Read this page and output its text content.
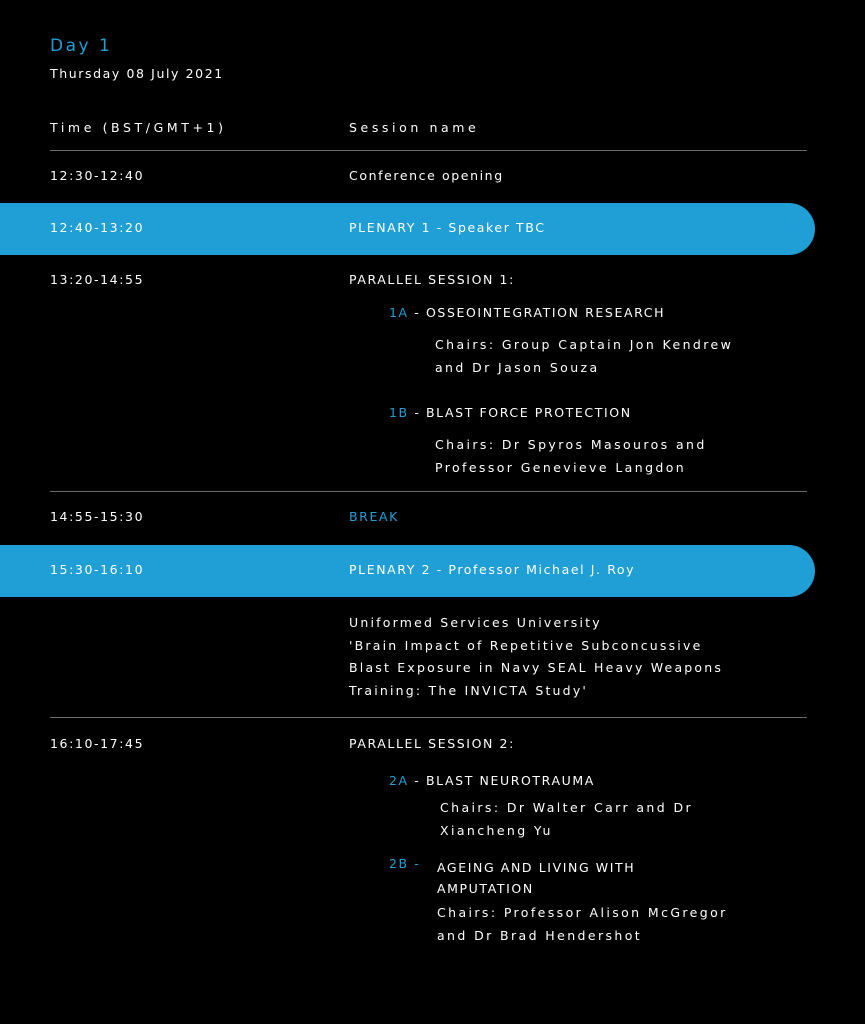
Day 1
Thursday 08 July 2021
Time (BST/GMT+1)	Session name
12:30-12:40	Conference opening
12:40-13:20	PLENARY 1 - Speaker TBC
13:20-14:55	PARALLEL SESSION 1:
1A - OSSEOINTEGRATION RESEARCH
Chairs: Group Captain Jon Kendrew
and Dr Jason Souza
1B - BLAST FORCE PROTECTION
Chairs: Dr Spyros Masouros and
Professor Genevieve Langdon
14:55-15:30	BREAK
15:30-16:10	PLENARY 2 - Professor Michael J. Roy
Uniformed Services University
'Brain Impact of Repetitive Subconcussive
Blast Exposure in Navy SEAL Heavy Weapons
Training: The INVICTA Study'
16:10-17:45	PARALLEL SESSION 2:
2A - BLAST NEUROTRAUMA
Chairs: Dr Walter Carr and Dr
Xiancheng Yu
2B - AGEING AND LIVING WITH
AMPUTATION
Chairs: Professor Alison McGregor
and Dr Brad Hendershot
